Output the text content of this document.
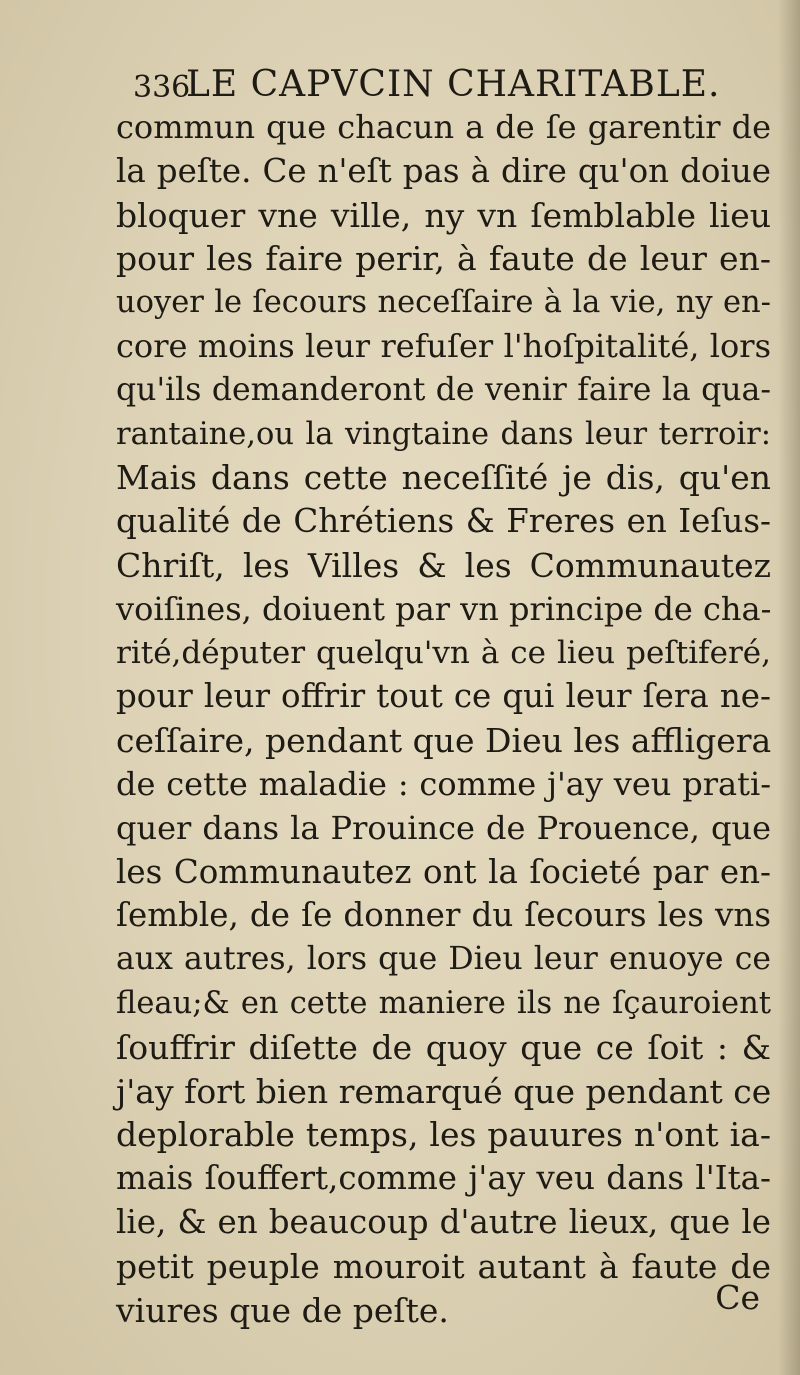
336
LE CAPVCIN CHARITABLE.
commun que chacun a de ſe garentir de
la peſte. Ce n'eſt pas à dire qu'on doiue
bloquer vne ville, ny vn ſemblable lieu
pour les faire perir, à faute de leur en-
uoyer le ſecours neceſſaire à la vie, ny en-
core moins leur refuſer l'hoſpitalité, lors
qu'ils demanderont de venir faire la qua-
rantaine,ou la vingtaine dans leur terroir:
Mais dans cette neceſſité je dis, qu'en
qualité de Chrétiens & Freres en Ieſus-
Chriſt, les Villes & les Communautez
voiſines, doiuent par vn principe de cha-
rité,députer quelqu'vn à ce lieu peſtiferé,
pour leur offrir tout ce qui leur ſera ne-
ceſſaire, pendant que Dieu les affligera
de cette maladie : comme j'ay veu prati-
quer dans la Prouince de Prouence, que
les Communautez ont la ſocieté par en-
ſemble, de ſe donner du ſecours les vns
aux autres, lors que Dieu leur enuoye ce
fleau;& en cette maniere ils ne ſçauroient
ſouffrir diſette de quoy que ce ſoit : &
j'ay fort bien remarqué que pendant ce
deplorable temps, les pauures n'ont ia-
mais ſouffert,comme j'ay veu dans l'Ita-
lie, & en beaucoup d'autre lieux, que le
petit peuple mouroit autant à faute de
viures que de peſte.	Ce
